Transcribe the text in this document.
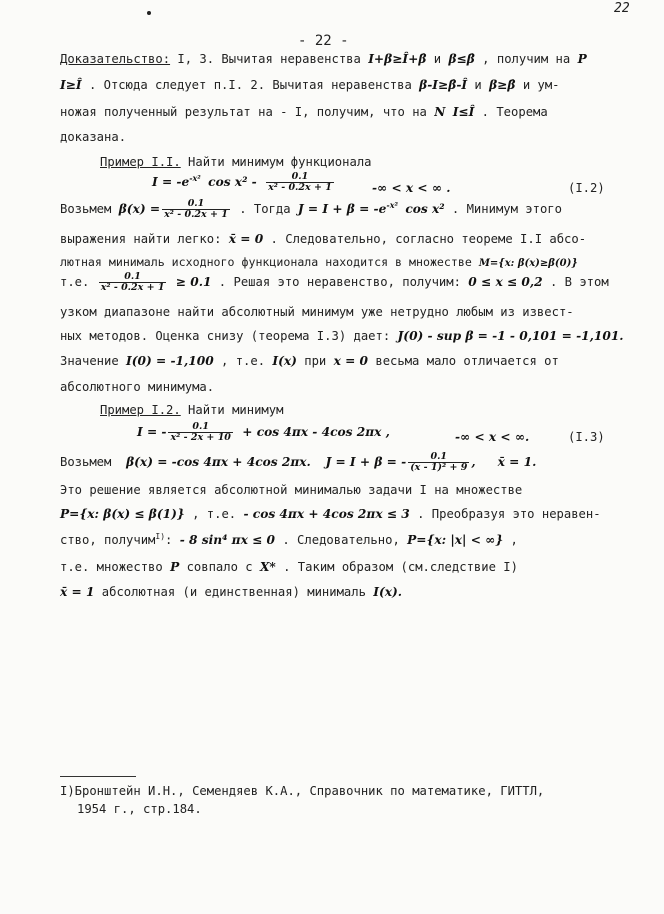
22
- 22 -
Доказательство: I, 3. Вычитая неравенства I+β≥Î+β̂ и β≤β̂ , получим на P
I≥Î . Отсюда следует п.I. 2. Вычитая неравенства β-I≥β̂-Î и β≥β̂ и ум-
ножая полученный результат на - I, получим, что на N I≤Î . Теорема
доказана.
Пример I.I. Найти минимум функционала
$I = -e^{-x^2}$ $\cos x^2 - \frac{0.1}{\text{x² - 0.2x + 1}}$	-∞ < x < ∞ .	(I.2)
Возьмем $\beta(x) = \frac{0.1}{\text{x² - 0.2x + 1}}$ . Тогда $J = I + \beta = -e^{-x^2}$ cos x² . Минимум этого
выражения найти легко: x̄ = 0 . Следовательно, согласно теореме I.I абсо-
лютная минималь исходного функционала находится в множестве M={x: β(x)≥β(0)}
т.е. $\frac{0.1}{\text{x² - 0.2x + 1}} \ge 0.1$ . Решая это неравенство, получим: 0 ≤ x ≤ 0,2 . В этом
узком диапазоне найти абсолютный минимум уже нетрудно любым из извест-
ных методов. Оценка снизу (теорема I.3) дает: J(0) - sup β = -1 - 0,101 = -1,101.
Значение I(0) = -1,100 , т.е. I(x) при x = 0 весьма мало отличается от
абсолютного минимума.
Пример I.2. Найти минимум
I = - $\frac{0.1}{\text{x² - 2x + 10}} + \cos 4\pi x - 4\cos$ 2πx ,	-∞ < x < ∞.	(I.3)
Возьмем β(x) = -cos 4πx + 4cos 2πx. J = I + β = - $\frac{0.1}{\text{(x - 1)² + 9}}$ , x̄ = 1.
Это решение является абсолютной минималью задачи I на множестве
P={x: β(x) ≤ β(1)} , т.е. - cos 4πx + 4cos 2πx ≤ 3 . Преобразуя это неравен-
ство, получим$^{I)}$: - 8 sin⁴ πx ≤ 0 . Следовательно, P={x: |x| < ∞} ,
т.е. множество P совпало с X* . Таким образом (см.следствие I)
x̄ = 1 абсолютная (и единственная) минималь I(x).
I)Бронштейн И.Н., Семендяев К.А., Справочник по математике, ГИТТЛ,
1954 г., стр.184.
